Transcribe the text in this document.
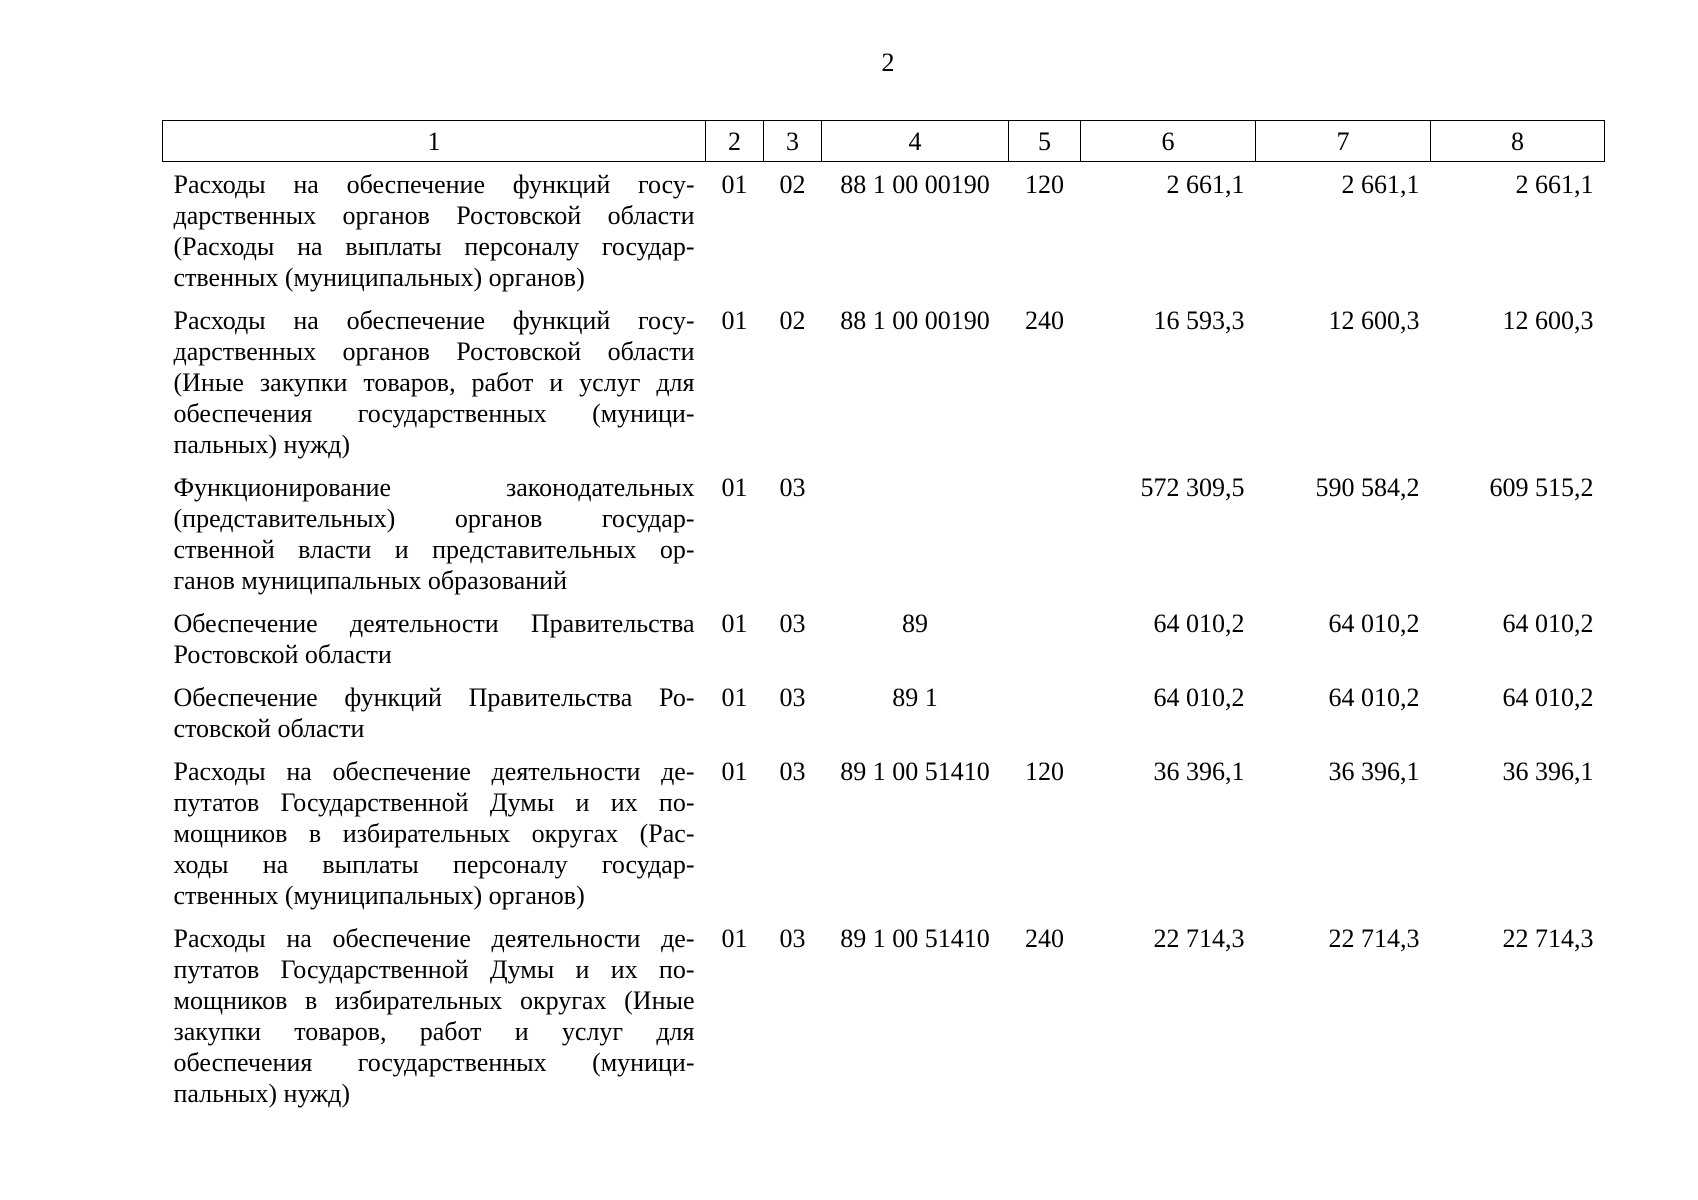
2
1	2	3	4	5	6	7	8
Расходы на обеспечение функций госу- дарственных органов Ростовской области (Расходы на выплаты персоналу государ- ственных (муниципальных) органов)	01	02	88 1 00 00190	120	2 661,1	2 661,1	2 661,1
Расходы на обеспечение функций госу- дарственных органов Ростовской области (Иные закупки товаров, работ и услуг для обеспечения государственных (муници- пальных) нужд)	01	02	88 1 00 00190	240	16 593,3	12 600,3	12 600,3
Функционирование законодательных (представительных) органов государ- ственной власти и представительных ор- ганов муниципальных образований	01	03			572 309,5	590 584,2	609 515,2
Обеспечение деятельности Правительства Ростовской области	01	03	89		64 010,2	64 010,2	64 010,2
Обеспечение функций Правительства Ро- стовской области	01	03	89 1		64 010,2	64 010,2	64 010,2
Расходы на обеспечение деятельности де- путатов Государственной Думы и их по- мощников в избирательных округах (Рас- ходы на выплаты персоналу государ- ственных (муниципальных) органов)	01	03	89 1 00 51410	120	36 396,1	36 396,1	36 396,1
Расходы на обеспечение деятельности де- путатов Государственной Думы и их по- мощников в избирательных округах (Иные закупки товаров, работ и услуг для обеспечения государственных (муници- пальных) нужд)	01	03	89 1 00 51410	240	22 714,3	22 714,3	22 714,3
